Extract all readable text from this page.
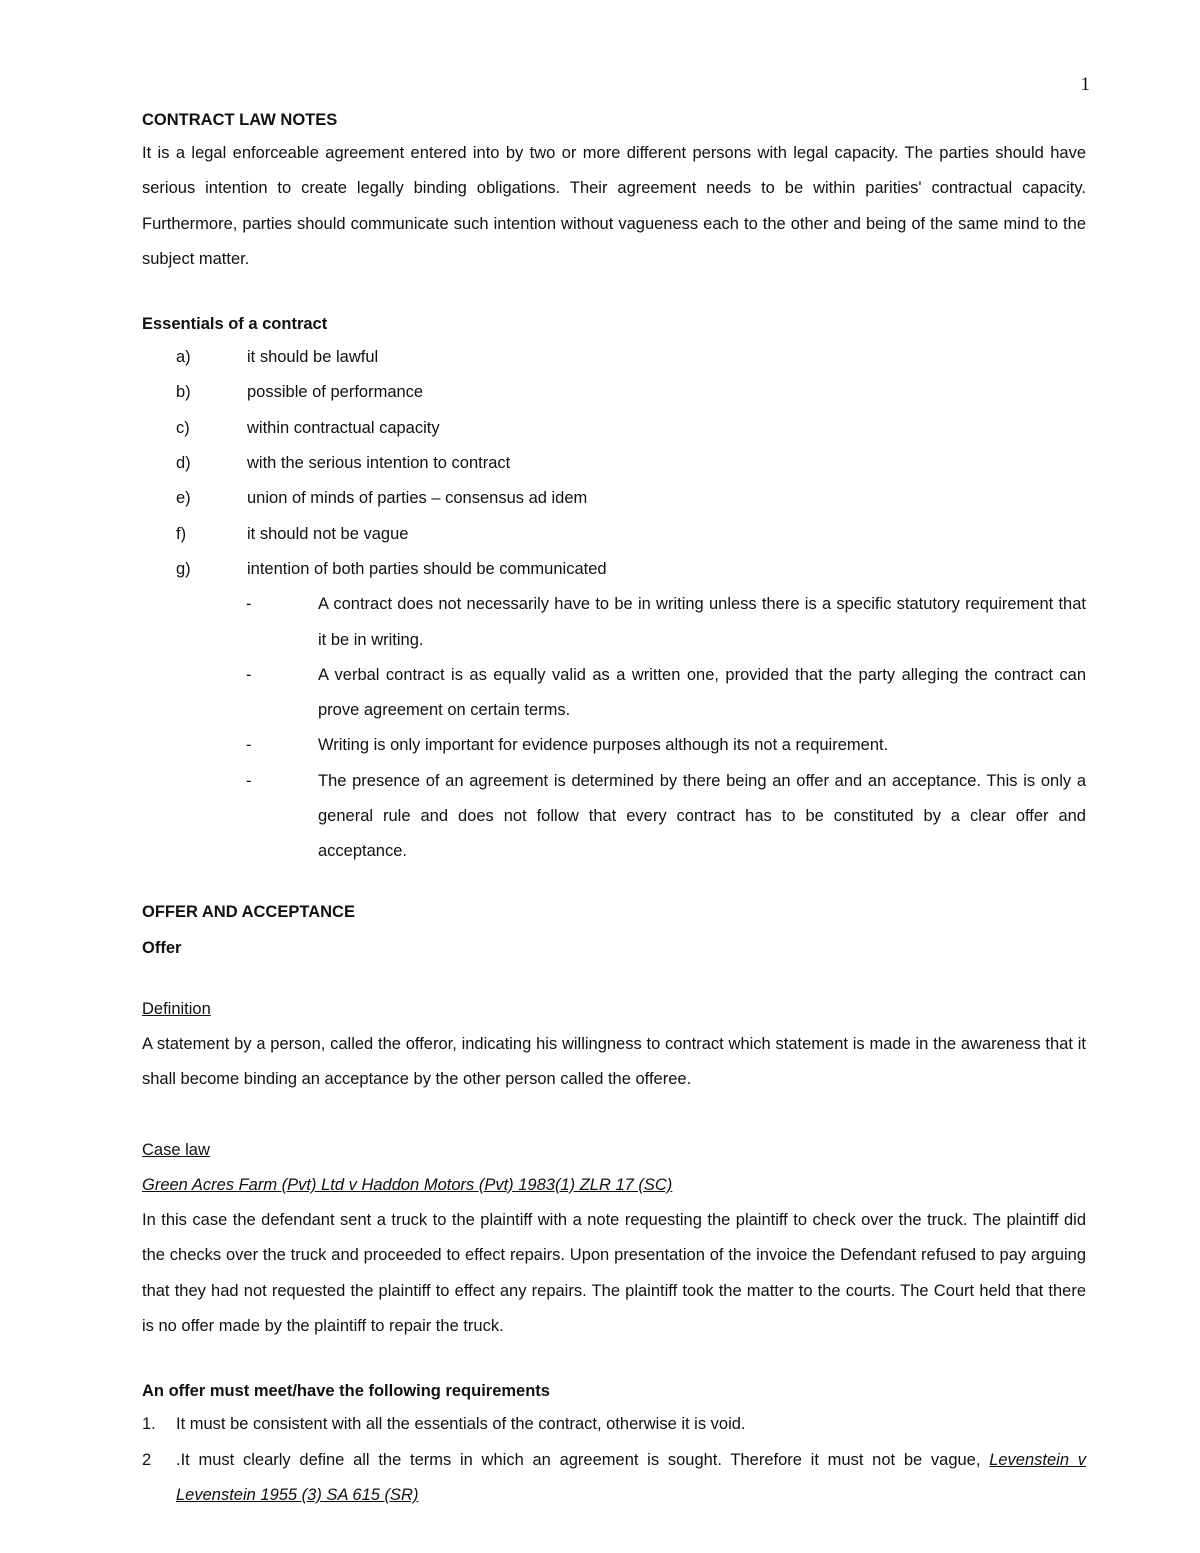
1

CONTRACT LAW NOTES

It is a legal enforceable agreement entered into by two or more different persons with legal capacity. The parties should have serious intention to create legally binding obligations. Their agreement needs to be within parities' contractual capacity. Furthermore, parties should communicate such intention without vagueness each to the other and being of the same mind to the subject matter.

Essentials of a contract

a)	it should be lawful
b)	possible of performance
c)	within contractual capacity
d)	with the serious intention to contract
e)	union of minds of parties – consensus ad idem
f)	it should not be vague
g)	intention of both parties should be communicated
-	A contract does not necessarily have to be in writing unless there is a specific statutory requirement that it be in writing.
-	A verbal contract is as equally valid as a written one, provided that the party alleging the contract can prove agreement on certain terms.
-	Writing is only important for evidence purposes although its not a requirement.
-	The presence of an agreement is determined by there being an offer and an acceptance. This is only a general rule and does not follow that every contract has to be constituted by a clear offer and acceptance.

OFFER AND ACCEPTANCE

Offer

Definition

A statement by a person, called the offeror, indicating his willingness to contract which statement is made in the awareness that it shall become binding an acceptance by the other person called the offeree.

Case law

Green Acres Farm (Pvt) Ltd v Haddon Motors (Pvt) 1983(1) ZLR 17 (SC)

In this case the defendant sent a truck to the plaintiff with a note requesting the plaintiff to check over the truck. The plaintiff did the checks over the truck and proceeded to effect repairs. Upon presentation of the invoice the Defendant refused to pay arguing that they had not requested the plaintiff to effect any repairs. The plaintiff took the matter to the courts. The Court held that there is no offer made by the plaintiff to repair the truck.

An offer must meet/have the following requirements

1.	It must be consistent with all the essentials of the contract, otherwise it is void.
2	.It must clearly define all the terms in which an agreement is sought. Therefore it must not be vague, Levenstein v Levenstein 1955 (3) SA 615 (SR)
